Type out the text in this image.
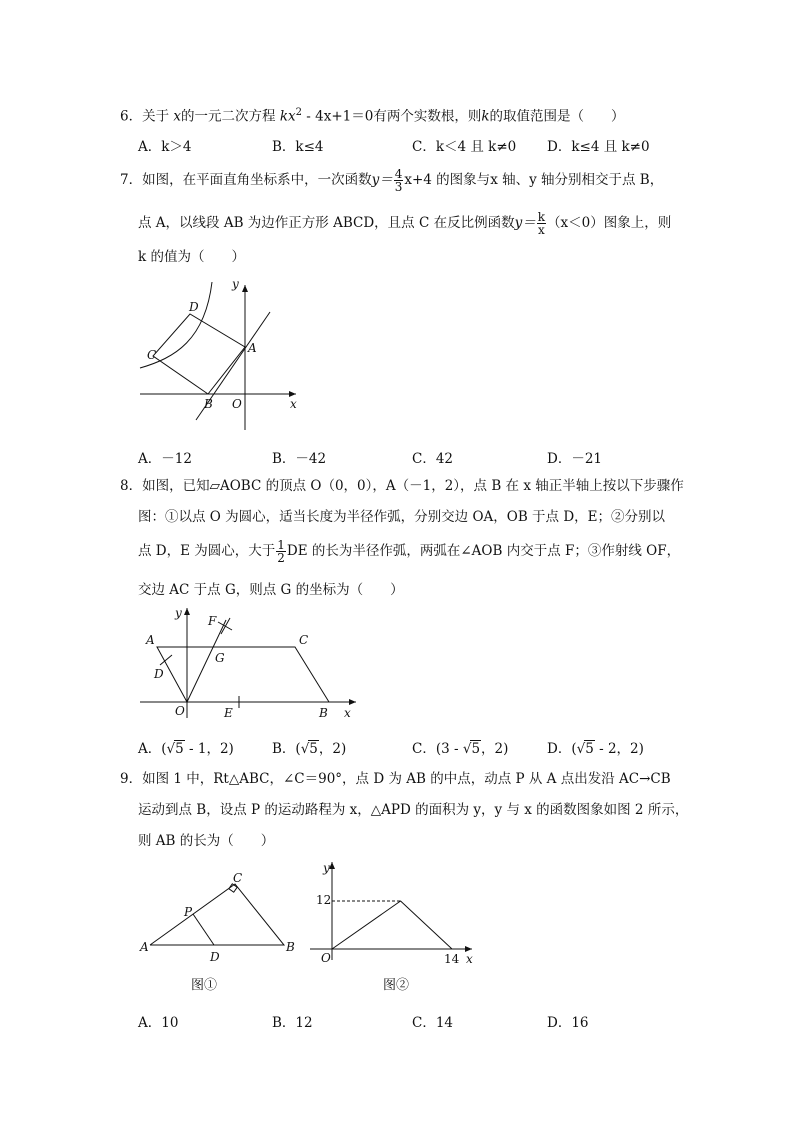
6．关于 x的一元二次方程 $kx^2 - 4x+1=0$有两个实数根，则k的取值范围是（　　）
A．k＞4	B．k≤4	C．k＜4 且 k≠0 D．k≤4 且 k≠0
7．如图，在平面直角坐标系中，一次函数$y= \frac{4}{3} x+4$ 的图象与x 轴、y 轴分别相交于点 B，
点 A，以线段 AB 为边作正方形 ABCD，且点 C 在反比例函数$y= \frac{k}{x} (x<0)$图象上，则
k 的值为（　　）
D
C	A
B O	x
y
A．－12	B．－42	C．42	D．－21
8．如图，已知▱AOBC 的顶点 O（0，0），A（－1，2），点 B 在 x 轴正半轴上按以下步骤作
图：①以点 O 为圆心，适当长度为半径作弧，分别交边 OA，OB 于点 D，E；②分别以
点 D，E 为圆心，大于 $\frac{1}{2}$ DE 的长为半径作弧，两弧在∠AOB 内交于点 F；③作射线 OF，
交边 AC 于点 G，则点 G 的坐标为（　　）
A	C
F
G
D
O	E	B x
y
A．(√5 - 1，2)	B．(√5，2)	C．(3 - √5，2)	D．(√5 - 2，2)
9．如图 1 中，Rt△ABC，∠C＝90°，点 D 为 AB 的中点，动点 P 从 A 点出发沿 AC→CB
运动到点 B，设点 P 的运动路程为 x，△APD 的面积为 y，y 与 x 的函数图象如图 2 所示，
则 AB 的长为（　　）
A	B
C
P
D
图①
y
x
O
12
14
图②
A．10	B．12	C．14	D．16
